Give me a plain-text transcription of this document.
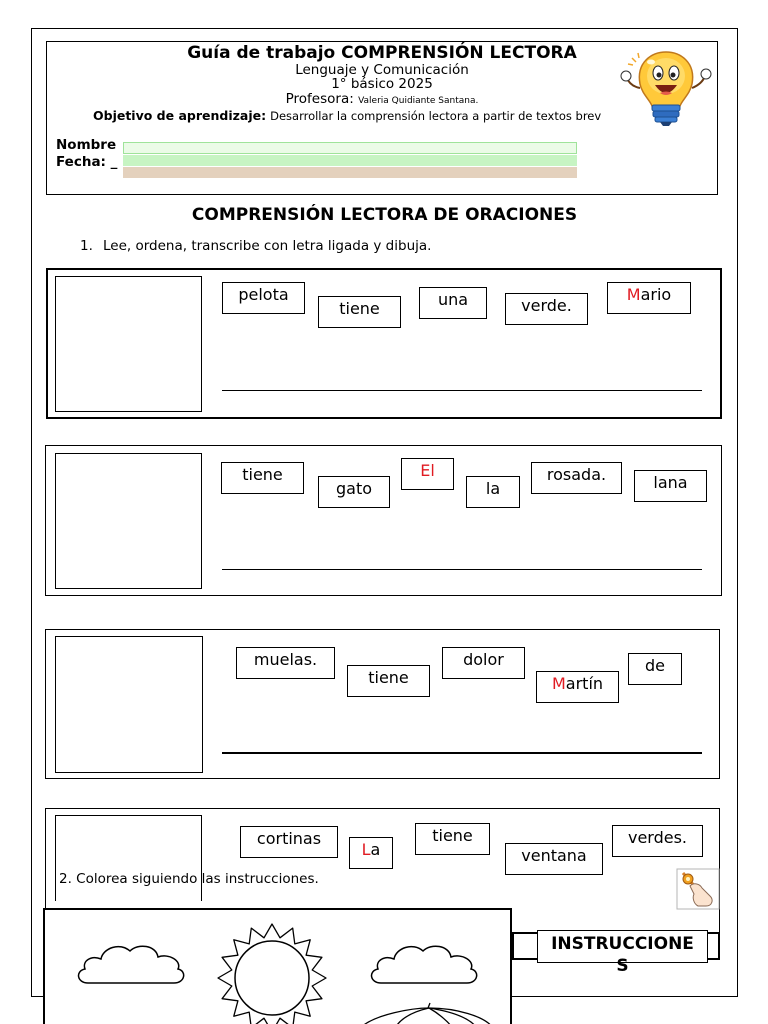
Guía de trabajo COMPRENSIÓN LECTORA
Lenguaje y Comunicación
1° básico 2025
Profesora: Valeria Quidiante Santana.
Objetivo de aprendizaje: Desarrollar la comprensión lectora a partir de textos brev
Nombre
Fecha: _
COMPRENSIÓN LECTORA DE ORACIONES
1. Lee, ordena, transcribe con letra ligada y dibuja.
pelota
tiene	una	verde.
Mario
tiene
gato
El
la
rosada.	lana
muelas.
tiene
dolor
Martín
de
cortinas
La
tiene
ventana
verdes.
2. Colorea siguiendo las instrucciones.
INSTRUCCIONE
S
